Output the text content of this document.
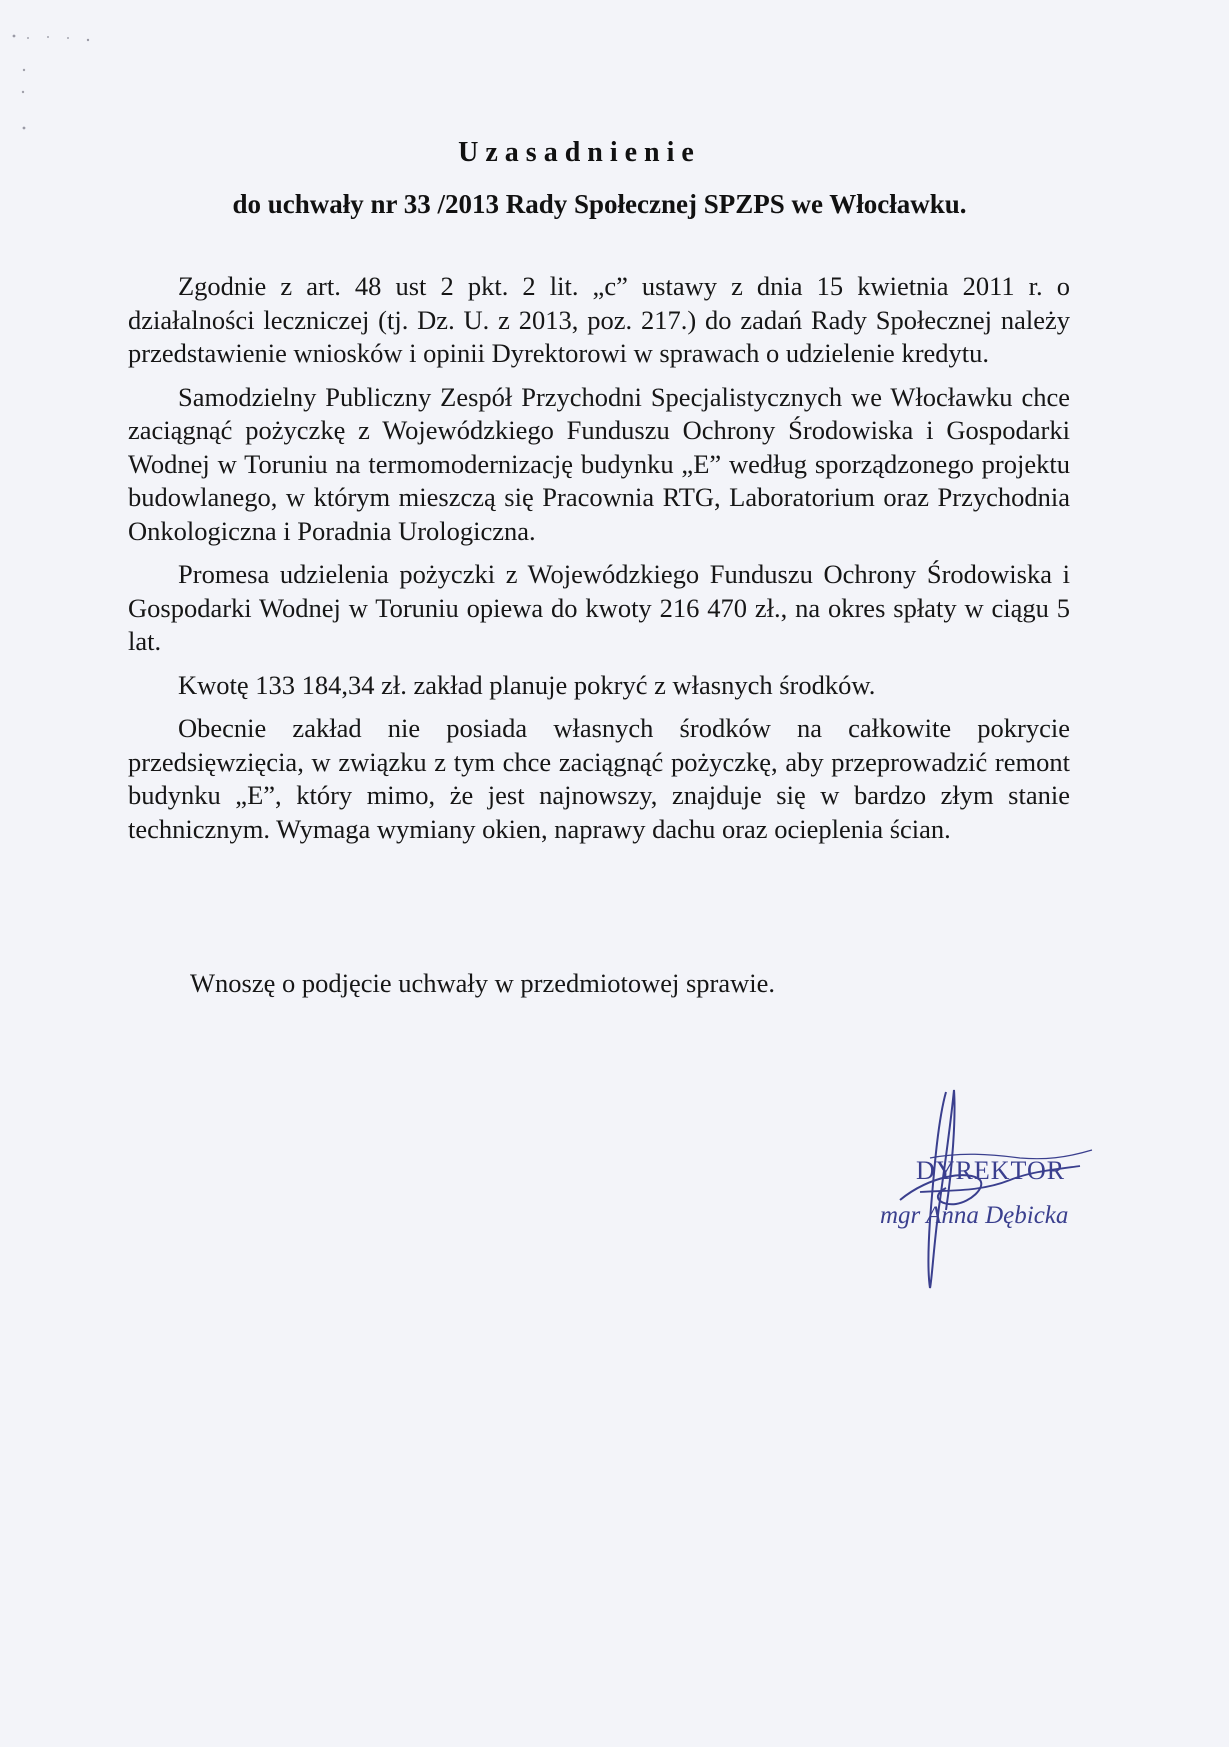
Uzasadnienie
do uchwały nr 33 /2013 Rady Społecznej SPZPS we Włocławku.

Zgodnie z art. 48 ust 2 pkt. 2 lit. „c” ustawy z dnia 15 kwietnia 2011 r. o działalności leczniczej (tj. Dz. U. z 2013, poz. 217.) do zadań Rady Społecznej należy przedstawienie wniosków i opinii Dyrektorowi w sprawach o udzielenie kredytu.

Samodzielny Publiczny Zespół Przychodni Specjalistycznych we Włocławku chce zaciągnąć pożyczkę z Wojewódzkiego Funduszu Ochrony Środowiska i Gospodarki Wodnej w Toruniu na termomodernizację budynku „E” według sporządzonego projektu budowlanego, w którym mieszczą się Pracownia RTG, Laboratorium oraz Przychodnia Onkologiczna i Poradnia Urologiczna.

Promesa udzielenia pożyczki z Wojewódzkiego Funduszu Ochrony Środowiska i Gospodarki Wodnej w Toruniu opiewa do kwoty 216 470 zł., na okres spłaty w ciągu 5 lat.

Kwotę 133 184,34 zł. zakład planuje pokryć z własnych środków.

Obecnie zakład nie posiada własnych środków na całkowite pokrycie przedsięwzięcia, w związku z tym chce zaciągnąć pożyczkę, aby przeprowadzić remont budynku „E”, który mimo, że jest najnowszy, znajduje się w bardzo złym stanie technicznym. Wymaga wymiany okien, naprawy dachu oraz ocieplenia ścian.

Wnoszę o podjęcie uchwały w przedmiotowej sprawie.
DYREKTOR
mgr Anna Dębicka
